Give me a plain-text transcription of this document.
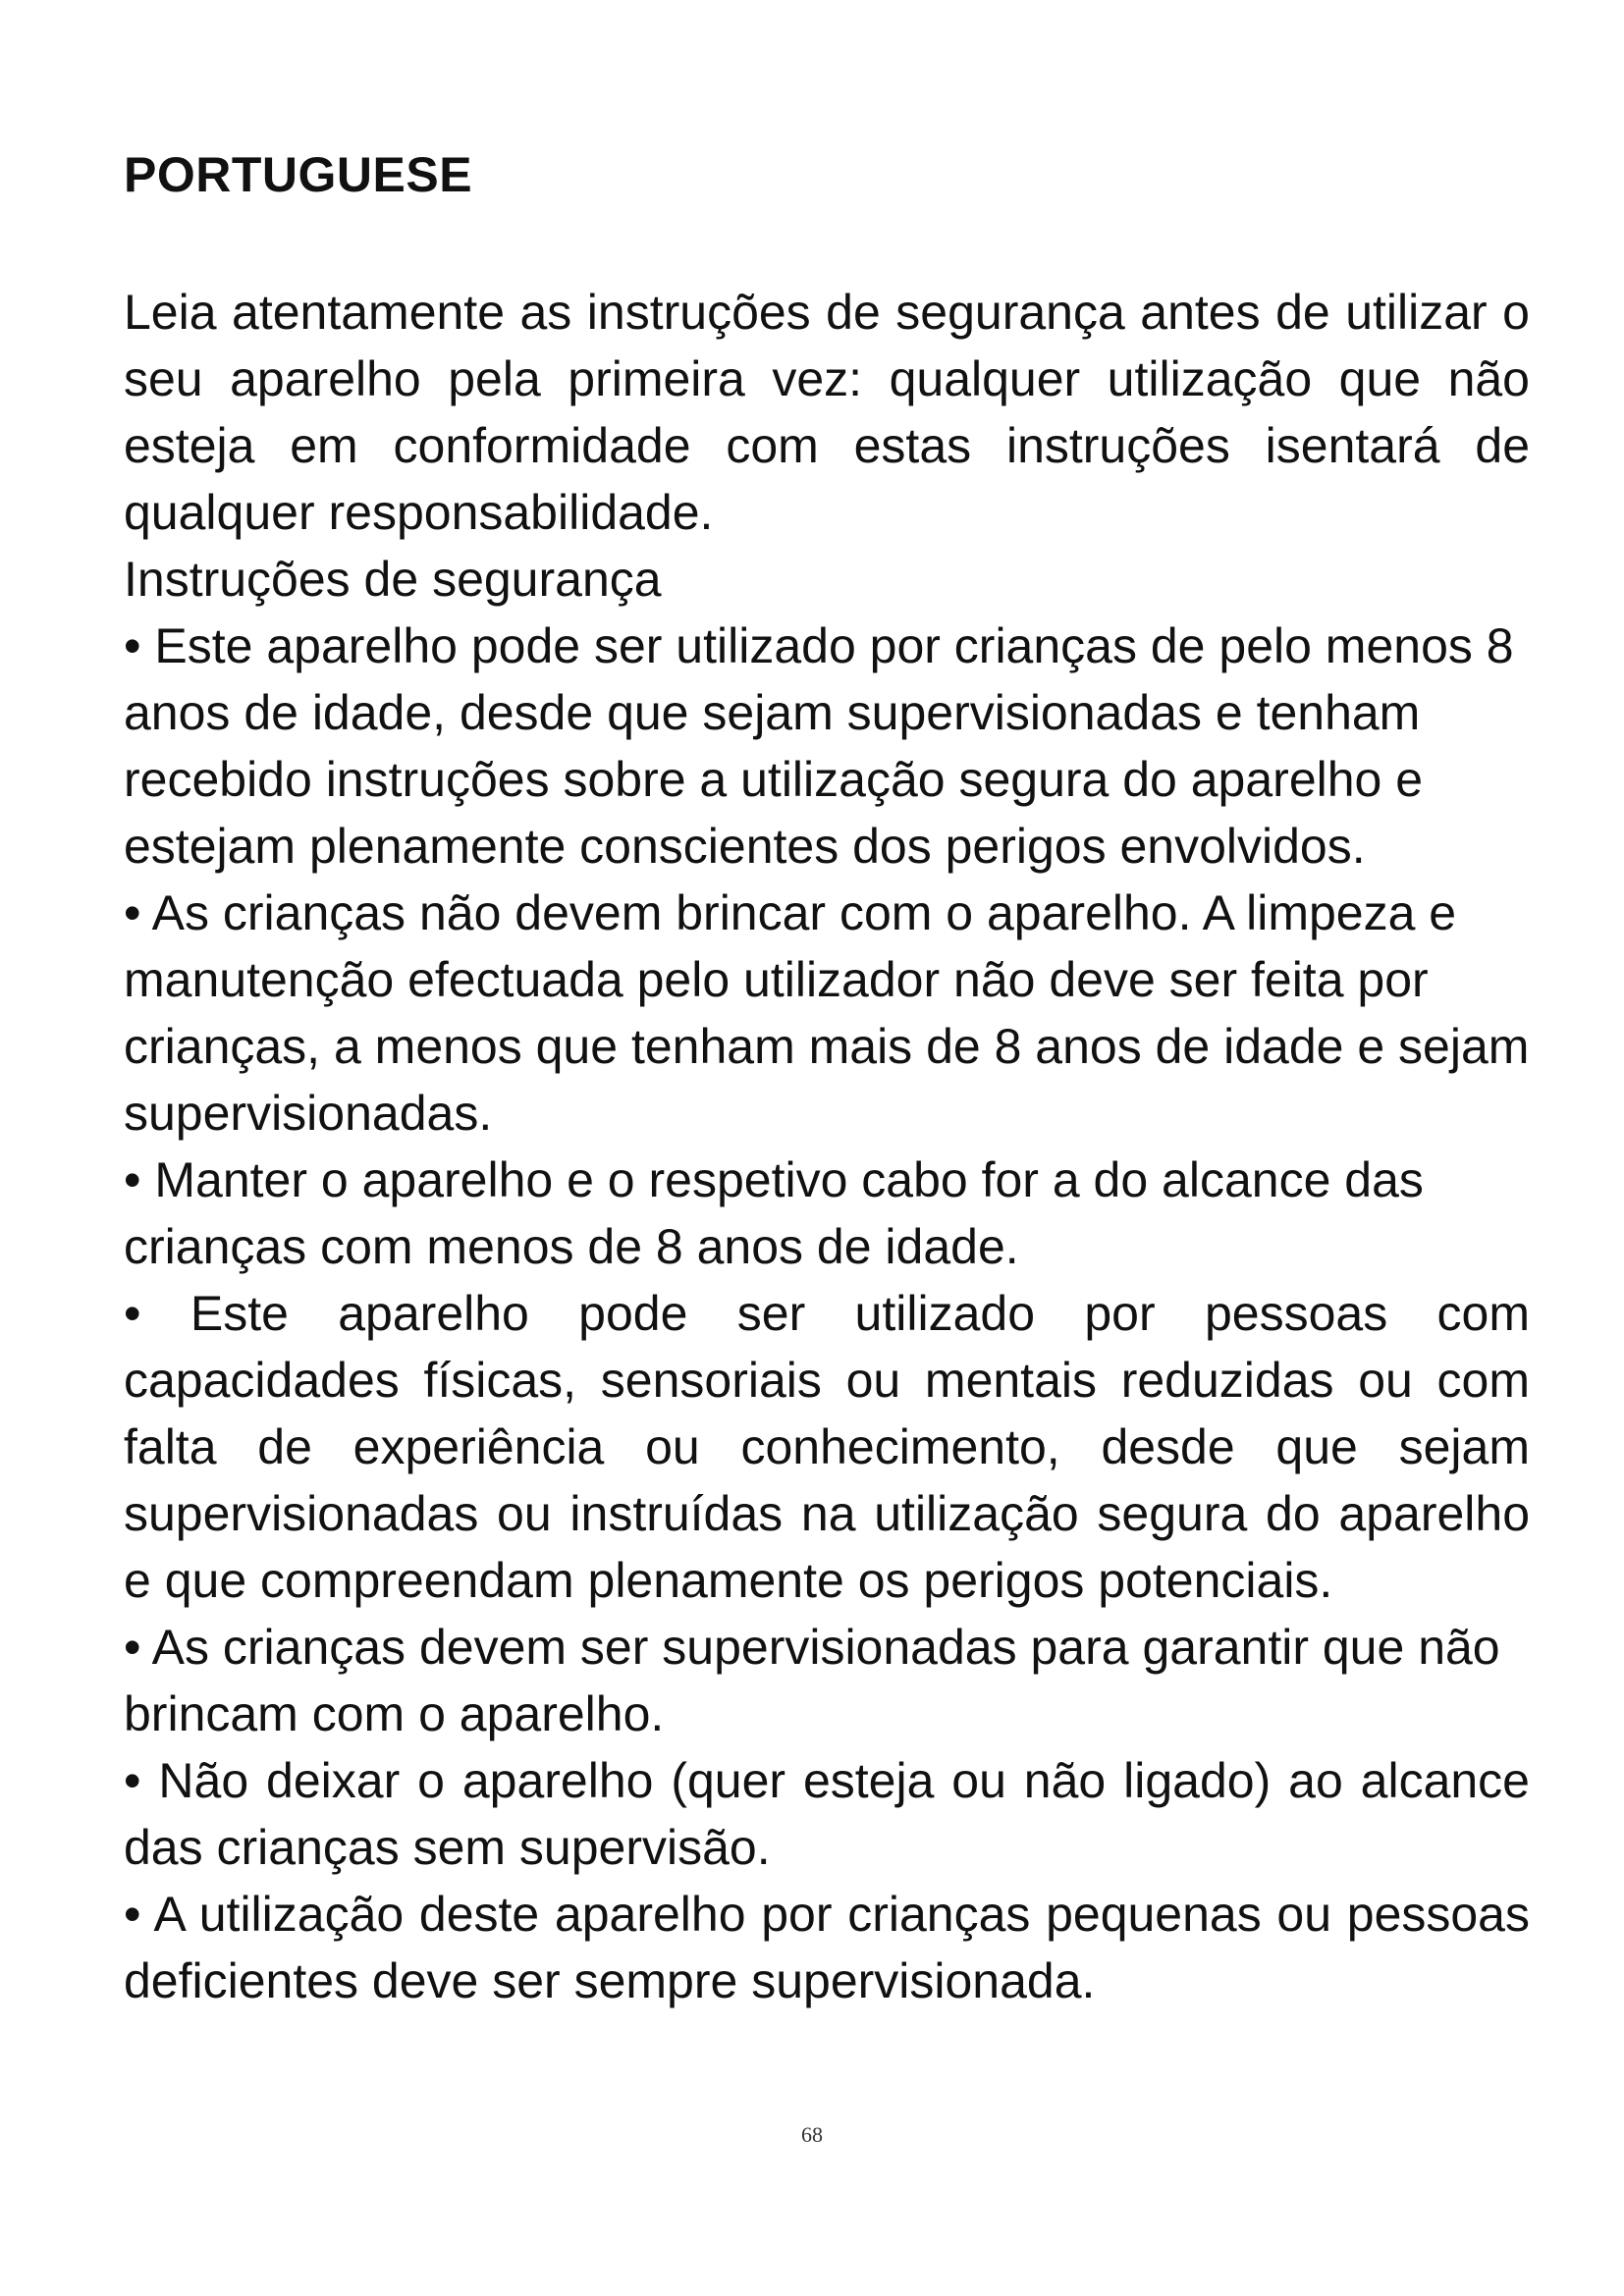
PORTUGUESE

Leia atentamente as instruções de segurança antes de utilizar o seu aparelho pela primeira vez: qualquer utilização que não esteja em conformidade com estas instruções isentará de qualquer responsabilidade.

Instruções de segurança

• Este aparelho pode ser utilizado por crianças de pelo menos 8 anos de idade, desde que sejam supervisionadas e tenham recebido instruções sobre a utilização segura do aparelho e estejam plenamente conscientes dos perigos envolvidos.

• As crianças não devem brincar com o aparelho. A limpeza e manutenção efectuada pelo utilizador não deve ser feita por crianças, a menos que tenham mais de 8 anos de idade e sejam supervisionadas.

• Manter o aparelho e o respetivo cabo for a do alcance das crianças com menos de 8 anos de idade.

• Este aparelho pode ser utilizado por pessoas com capacidades físicas, sensoriais ou mentais reduzidas ou com falta de experiência ou conhecimento, desde que sejam supervisionadas ou instruídas na utilização segura do aparelho e que compreendam plenamente os perigos potenciais.

• As crianças devem ser supervisionadas para garantir que não brincam com o aparelho.

• Não deixar o aparelho (quer esteja ou não ligado) ao alcance das crianças sem supervisão.

• A utilização deste aparelho por crianças pequenas ou pessoas deficientes deve ser sempre supervisionada.

68
